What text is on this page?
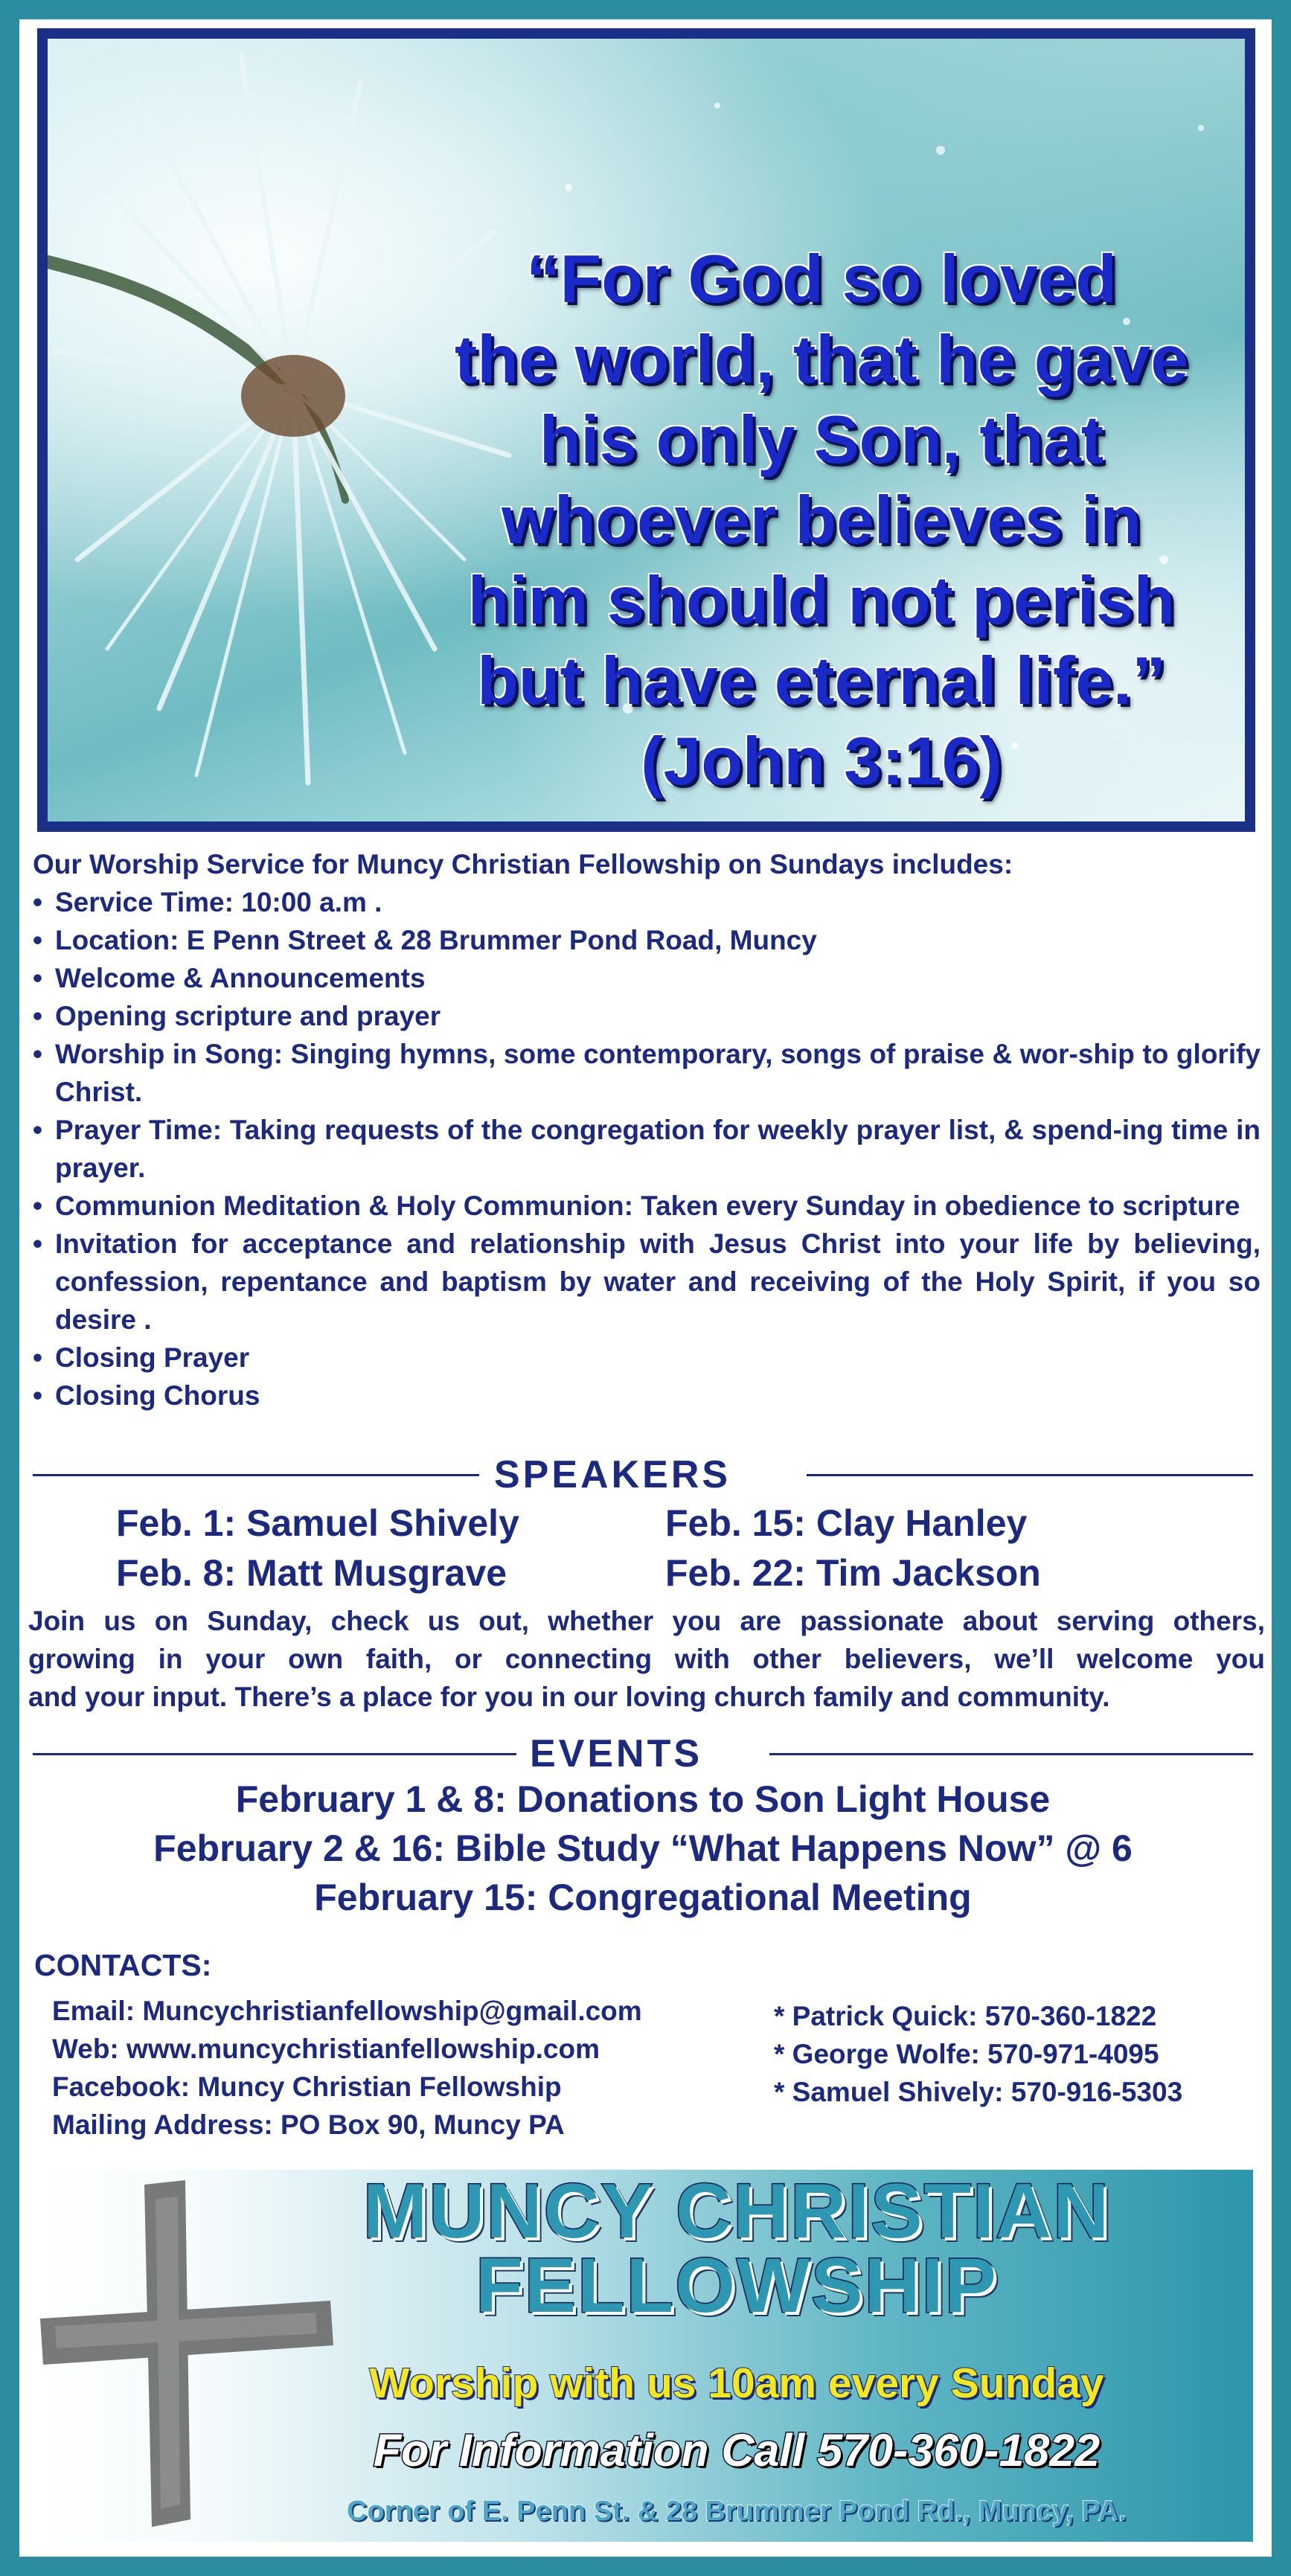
“For God so loved
the world, that he gave
his only Son, that
whoever believes in
him should not perish
but have eternal life.”
(John 3:16)
Our Worship Service for Muncy Christian Fellowship on Sundays includes:
• Service Time: 10:00 a.m .
• Location: E Penn Street & 28 Brummer Pond Road, Muncy
• Welcome & Announcements
• Opening scripture and prayer
• Worship in Song: Singing hymns, some contemporary, songs of praise & wor-ship to glorify Christ.
• Prayer Time: Taking requests of the congregation for weekly prayer list, & spend-ing time in prayer.
• Communion Meditation & Holy Communion: Taken every Sunday in obedience to scripture
• Invitation for acceptance and relationship with Jesus Christ into your life by believing, confession, repentance and baptism by water and receiving of the Holy Spirit, if you so desire .
• Closing Prayer
• Closing Chorus
SPEAKERS
Feb. 1: Samuel Shively
Feb. 8: Matt Musgrave
Feb. 15: Clay Hanley
Feb. 22: Tim Jackson
Join us on Sunday, check us out, whether you are passionate about serving others,
growing in your own faith, or connecting with other believers, we’ll welcome you
and your input. There’s a place for you in our loving church family and community.
EVENTS
February 1 & 8: Donations to Son Light House
February 2 & 16: Bible Study “What Happens Now” @ 6
February 15: Congregational Meeting
CONTACTS:
Email: Muncychristianfellowship@gmail.com
Web: www.muncychristianfellowship.com
Facebook: Muncy Christian Fellowship
Mailing Address: PO Box 90, Muncy PA
* Patrick Quick: 570-360-1822
* George Wolfe: 570-971-4095
* Samuel Shively: 570-916-5303
MUNCY CHRISTIAN
FELLOWSHIP
Worship with us 10am every Sunday
For Information Call 570-360-1822
Corner of E. Penn St. & 28 Brummer Pond Rd., Muncy, PA.
